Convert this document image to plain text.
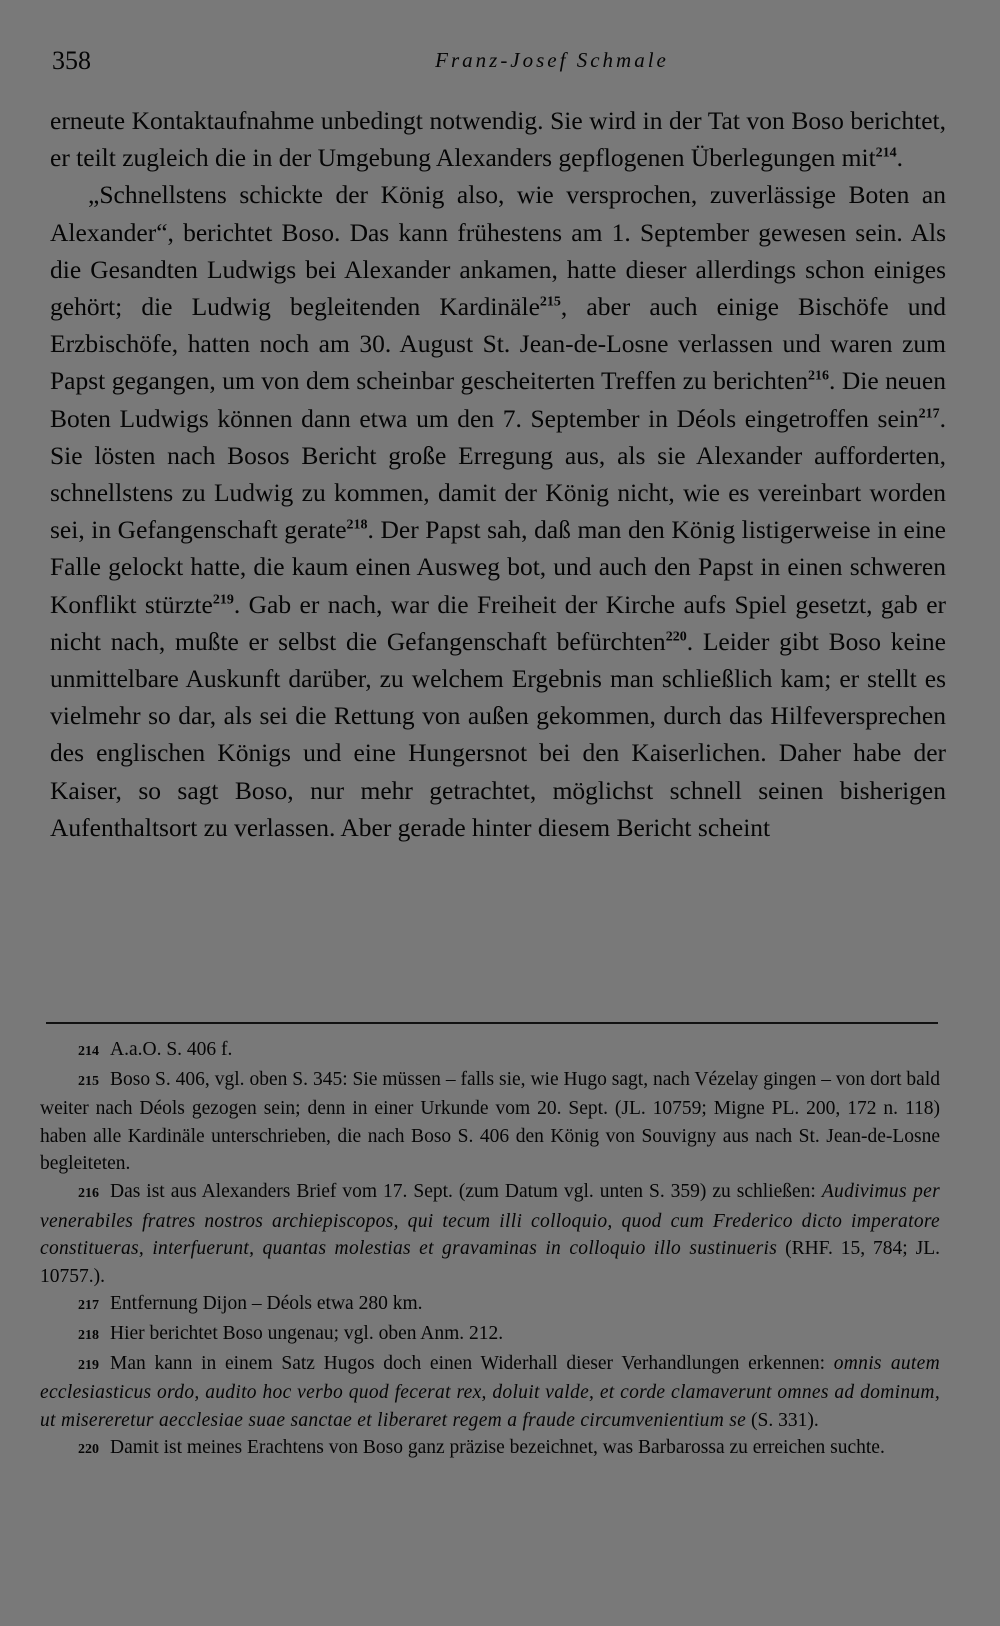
358	Franz-Josef Schmale

erneute Kontaktaufnahme unbedingt notwendig. Sie wird in der Tat von Boso berichtet, er teilt zugleich die in der Umgebung Alexanders gepflogenen Überlegungen mit$^{214}$.

„Schnellstens schickte der König also, wie versprochen, zuverlässige Boten an Alexander“, berichtet Boso. Das kann frühestens am 1. September gewesen sein. Als die Gesandten Ludwigs bei Alexander ankamen, hatte dieser allerdings schon einiges gehört; die Ludwig begleitenden Kardinäle$^{215}$, aber auch einige Bischöfe und Erzbischöfe, hatten noch am 30. August St. Jean-de-Losne verlassen und waren zum Papst gegangen, um von dem scheinbar gescheiterten Treffen zu berichten$^{216}$. Die neuen Boten Ludwigs können dann etwa um den 7. September in Déols eingetroffen sein$^{217}$. Sie lösten nach Bosos Bericht große Erregung aus, als sie Alexander aufforderten, schnellstens zu Ludwig zu kommen, damit der König nicht, wie es vereinbart worden sei, in Gefangenschaft gerate$^{218}$. Der Papst sah, daß man den König listigerweise in eine Falle gelockt hatte, die kaum einen Ausweg bot, und auch den Papst in einen schweren Konflikt stürzte$^{219}$. Gab er nach, war die Freiheit der Kirche aufs Spiel gesetzt, gab er nicht nach, mußte er selbst die Gefangenschaft befürchten$^{220}$. Leider gibt Boso keine unmittelbare Auskunft darüber, zu welchem Ergebnis man schließlich kam; er stellt es vielmehr so dar, als sei die Rettung von außen gekommen, durch das Hilfeversprechen des englischen Königs und eine Hungersnot bei den Kaiserlichen. Daher habe der Kaiser, so sagt Boso, nur mehr getrachtet, möglichst schnell seinen bisherigen Aufenthaltsort zu verlassen. Aber gerade hinter diesem Bericht scheint

214 A.a.O. S. 406 f.

215 Boso S. 406, vgl. oben S. 345: Sie müssen – falls sie, wie Hugo sagt, nach Vézelay gingen – von dort bald weiter nach Déols gezogen sein; denn in einer Urkunde vom 20. Sept. (JL. 10759; Migne PL. 200, 172 n. 118) haben alle Kardinäle unterschrieben, die nach Boso S. 406 den König von Souvigny aus nach St. Jean-de-Losne begleiteten.

216 Das ist aus Alexanders Brief vom 17. Sept. (zum Datum vgl. unten S. 359) zu schließen: Audivimus per venerabiles fratres nostros archiepiscopos, qui tecum illi colloquio, quod cum Frederico dicto imperatore constitueras, interfuerunt, quantas molestias et gravaminas in colloquio illo sustinueris (RHF. 15, 784; JL. 10757.).

217 Entfernung Dijon – Déols etwa 280 km.

218 Hier berichtet Boso ungenau; vgl. oben Anm. 212.

219 Man kann in einem Satz Hugos doch einen Widerhall dieser Verhandlungen erkennen: omnis autem ecclesiasticus ordo, audito hoc verbo quod fecerat rex, doluit valde, et corde clamaverunt omnes ad dominum, ut misereretur aecclesiae suae sanctae et liberaret regem a fraude circumvenientium se (S. 331).

220 Damit ist meines Erachtens von Boso ganz präzise bezeichnet, was Barbarossa zu erreichen suchte.
